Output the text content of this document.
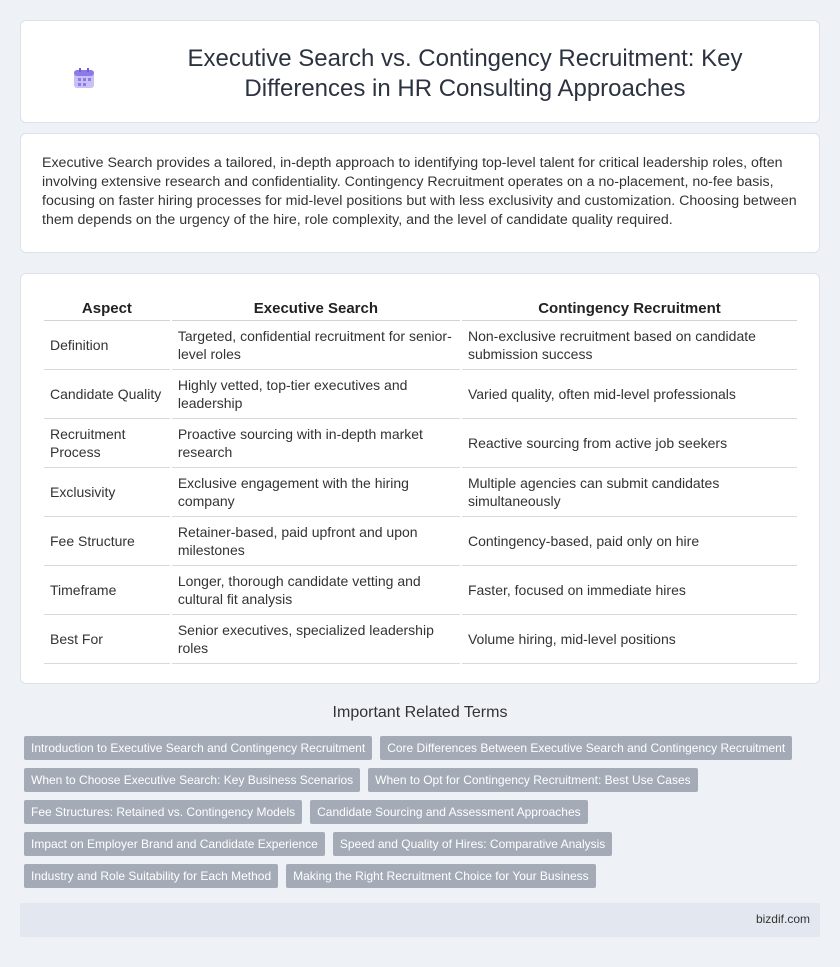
Executive Search vs. Contingency Recruitment: Key Differences in HR Consulting Approaches

Executive Search provides a tailored, in-depth approach to identifying top-level talent for critical leadership roles, often involving extensive research and confidentiality. Contingency Recruitment operates on a no-placement, no-fee basis, focusing on faster hiring processes for mid-level positions but with less exclusivity and customization. Choosing between them depends on the urgency of the hire, role complexity, and the level of candidate quality required.

Aspect	Executive Search	Contingency Recruitment
Definition	Targeted, confidential recruitment for senior-level roles	Non-exclusive recruitment based on candidate submission success
Candidate Quality	Highly vetted, top-tier executives and leadership	Varied quality, often mid-level professionals
Recruitment Process	Proactive sourcing with in-depth market research	Reactive sourcing from active job seekers
Exclusivity	Exclusive engagement with the hiring company	Multiple agencies can submit candidates simultaneously
Fee Structure	Retainer-based, paid upfront and upon milestones	Contingency-based, paid only on hire
Timeframe	Longer, thorough candidate vetting and cultural fit analysis	Faster, focused on immediate hires
Best For	Senior executives, specialized leadership roles	Volume hiring, mid-level positions
Important Related Terms
Introduction to Executive Search and Contingency Recruitment	Core Differences Between Executive Search and Contingency Recruitment
When to Choose Executive Search: Key Business Scenarios	When to Opt for Contingency Recruitment: Best Use Cases
Fee Structures: Retained vs. Contingency Models	Candidate Sourcing and Assessment Approaches
Impact on Employer Brand and Candidate Experience	Speed and Quality of Hires: Comparative Analysis
Industry and Role Suitability for Each Method	Making the Right Recruitment Choice for Your Business
bizdif.com
